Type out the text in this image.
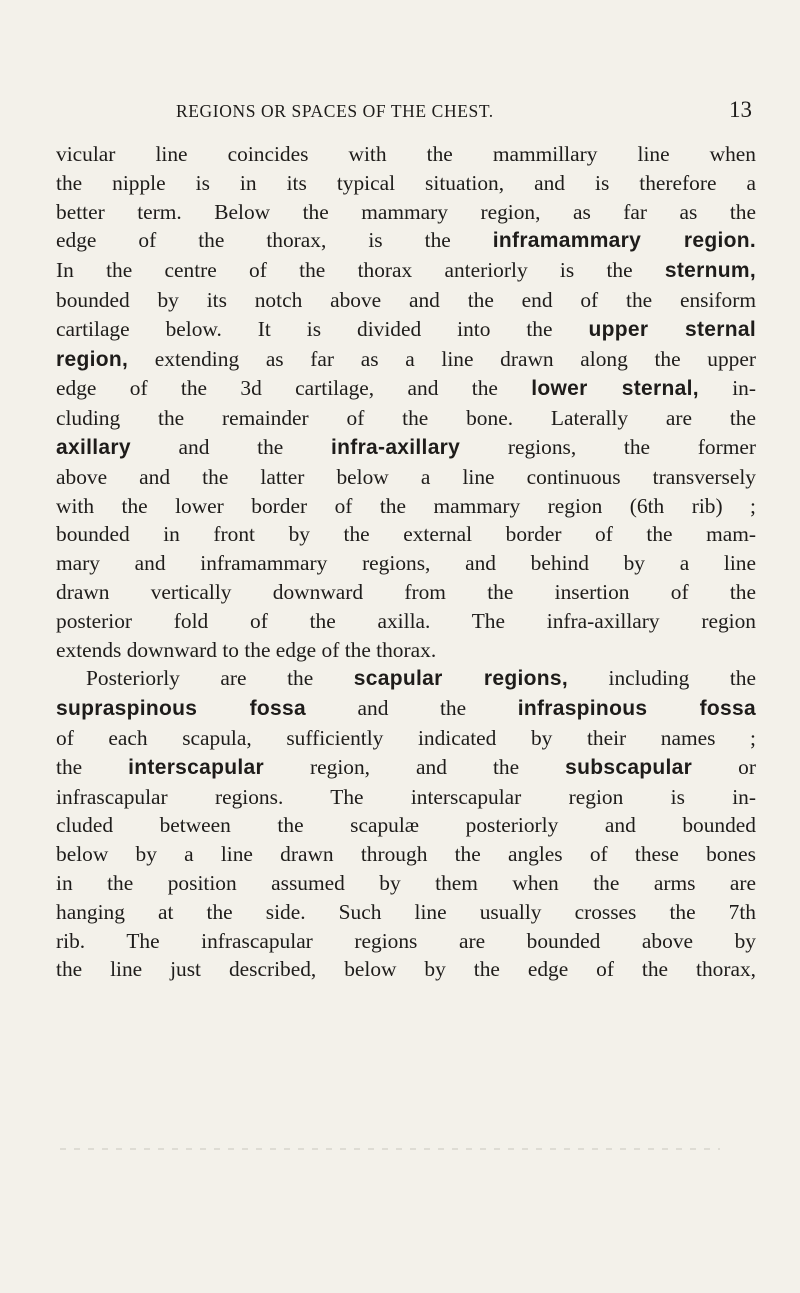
REGIONS OR SPACES OF THE CHEST.	13
vicular line coincides with the mammillary line when
the nipple is in its typical situation, and is therefore a
better term. Below the mammary region, as far as the
edge of the thorax, is the inframammary region.
In the centre of the thorax anteriorly is the sternum,
bounded by its notch above and the end of the ensiform
cartilage below. It is divided into the upper sternal
region, extending as far as a line drawn along the upper
edge of the 3d cartilage, and the lower sternal, in-
cluding the remainder of the bone. Laterally are the
axillary and the infra-axillary regions, the former
above and the latter below a line continuous transversely
with the lower border of the mammary region (6th rib) ;
bounded in front by the external border of the mam-
mary and inframammary regions, and behind by a line
drawn vertically downward from the insertion of the
posterior fold of the axilla. The infra-axillary region
extends downward to the edge of the thorax.
Posteriorly are the scapular regions, including the
supraspinous fossa and the infraspinous fossa
of each scapula, sufficiently indicated by their names ;
the interscapular region, and the subscapular or
infrascapular regions. The interscapular region is in-
cluded between the scapulæ posteriorly and bounded
below by a line drawn through the angles of these bones
in the position assumed by them when the arms are
hanging at the side. Such line usually crosses the 7th
rib. The infrascapular regions are bounded above by
the line just described, below by the edge of the thorax,
